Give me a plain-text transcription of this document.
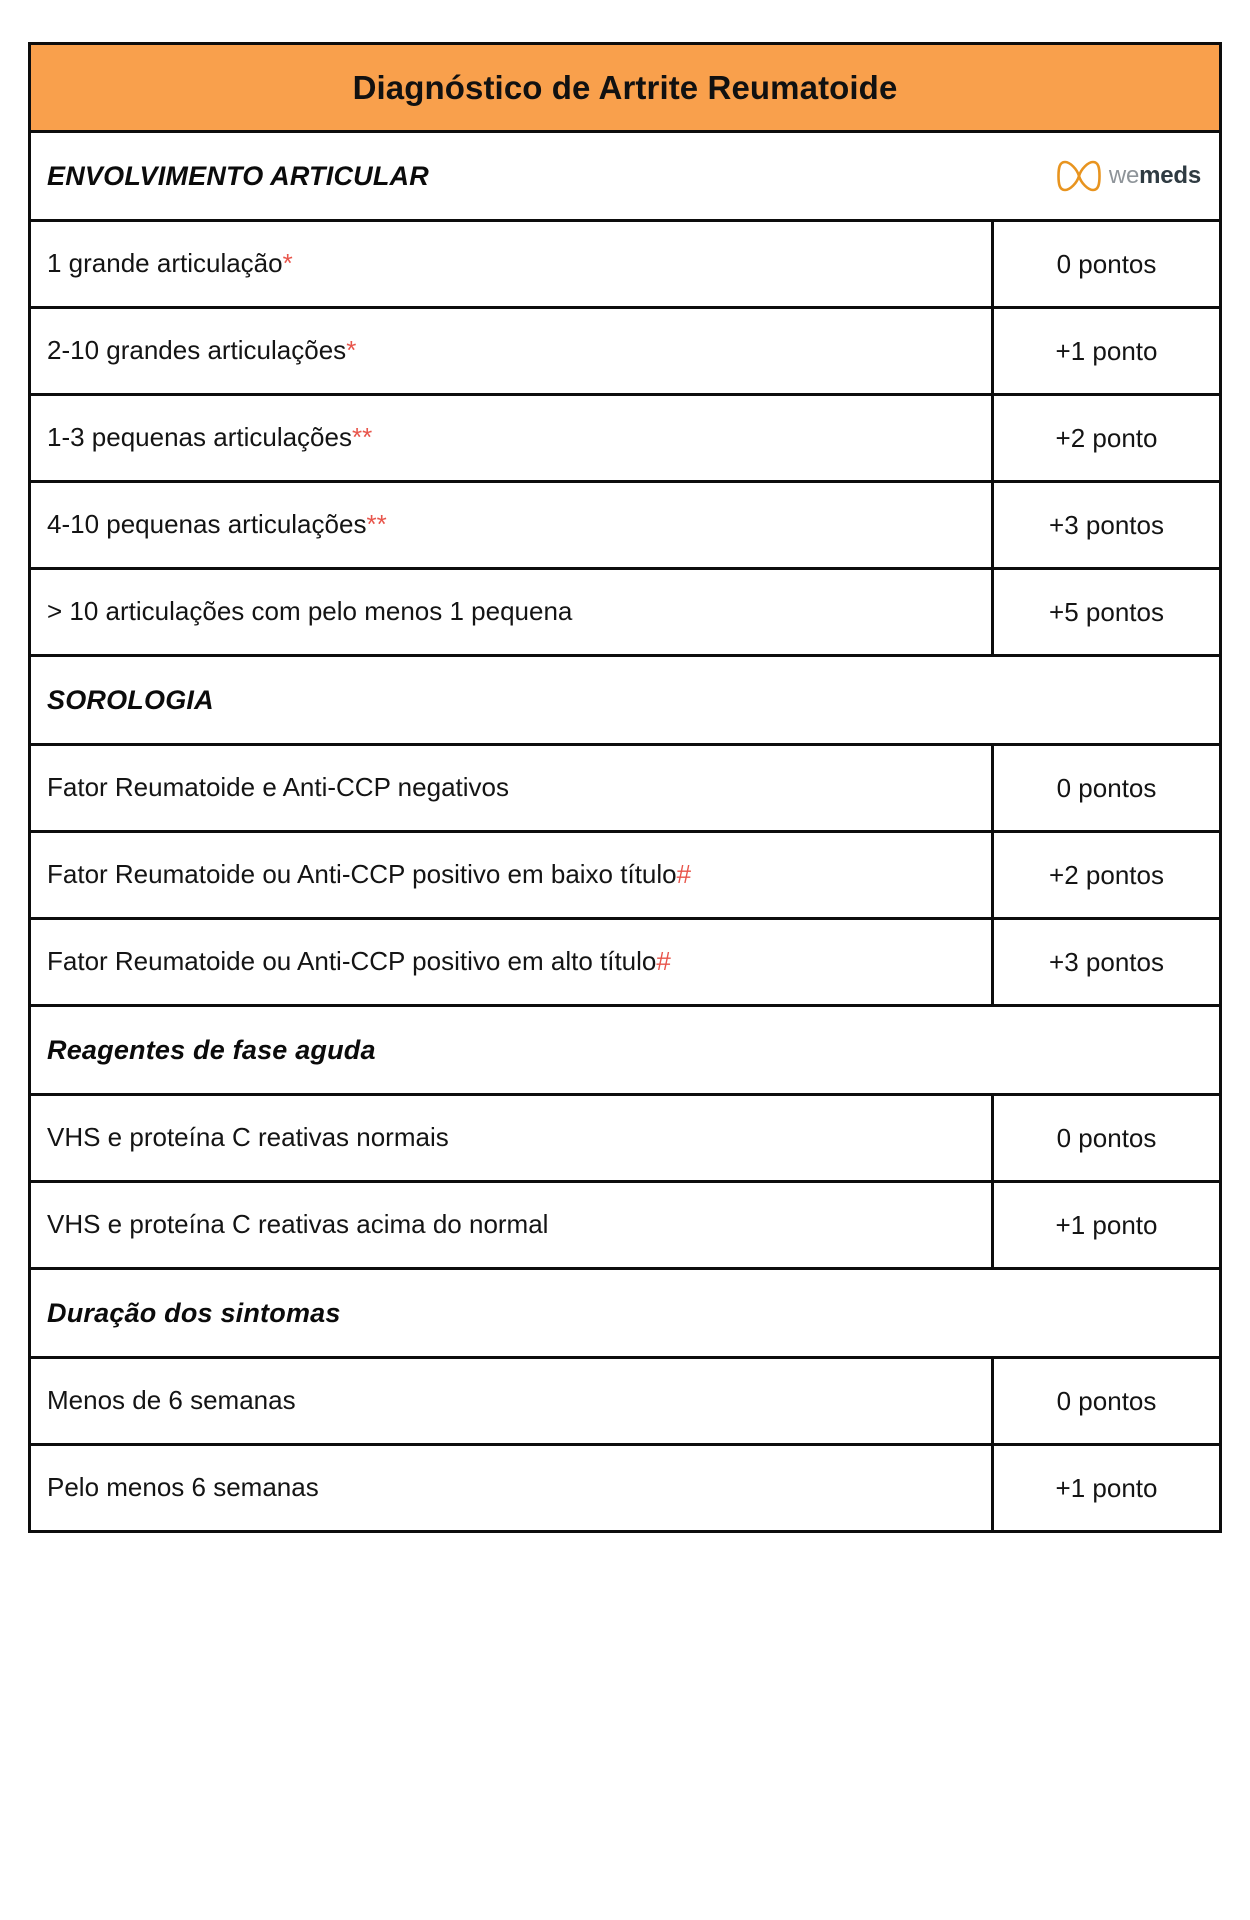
Diagnóstico de Artrite Reumatoide
ENVOLVIMENTO ARTICULAR	wemeds
1 grande articulação*	0 pontos
2-10 grandes articulações*	+1 ponto
1-3 pequenas articulações**	+2 ponto
4-10 pequenas articulações**	+3 pontos
> 10 articulações com pelo menos 1 pequena	+5 pontos
SOROLOGIA
Fator Reumatoide e Anti-CCP negativos	0 pontos
Fator Reumatoide ou Anti-CCP positivo em baixo título#	+2 pontos
Fator Reumatoide ou Anti-CCP positivo em alto título#	+3 pontos
Reagentes de fase aguda
VHS e proteína C reativas normais	0 pontos
VHS e proteína C reativas acima do normal	+1 ponto
Duração dos sintomas
Menos de 6 semanas	0 pontos
Pelo menos 6 semanas	+1 ponto
